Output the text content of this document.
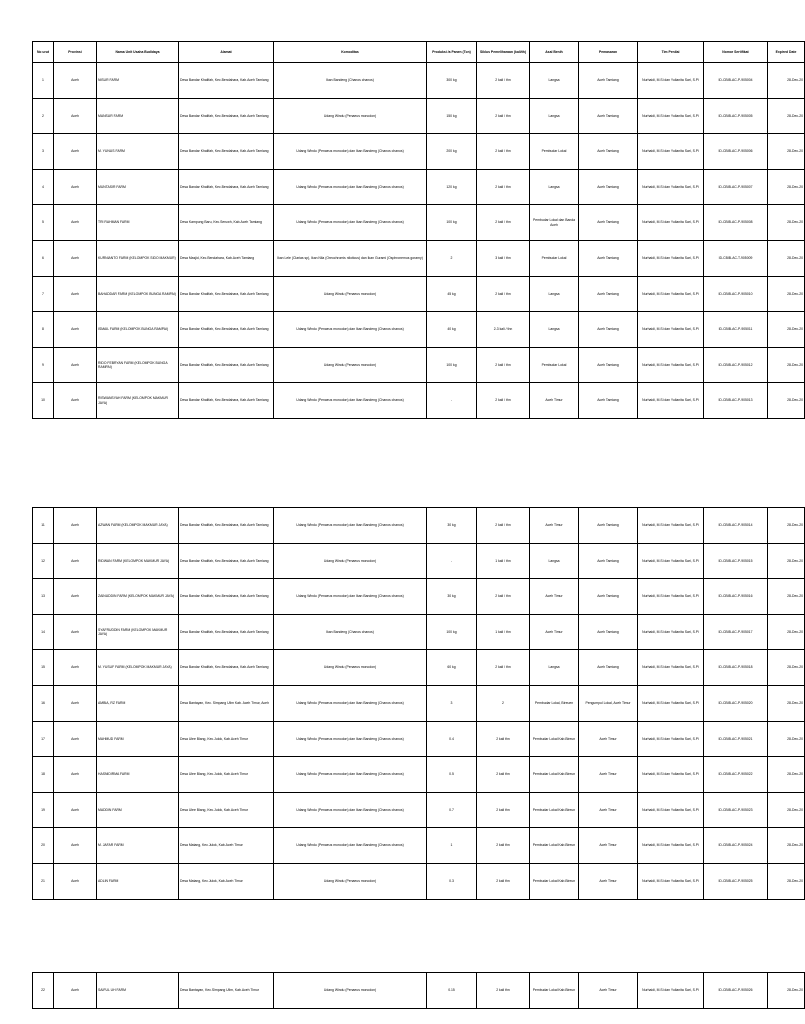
No urut	Provinsi	Nama Unit Usaha Budidaya	Alamat	Komoditas	Produksi /a Panen (Ton)	Siklus Pemeliharaan (kali/th)	Asal Benih	Pemasaran	Tim Penilai	Nomor Sertifikat	Expired Date
1	Aceh	NISUR FARM	Desa Bandar Khalifah, Kec.Bendahara, Kab.Aceh Tamiang	Ikan Bandeng (Chanos chanos)	300 kg	2 kali / thn	Langsa	Aceh Tamiang	Nurhaidi, M.Si dan Yulianita Sari, S.Pi	ID-CBIB-AC-P-905004	28-Dec-20
2	Aceh	MANSUR FARM	Desa Bandar Khalifah, Kec.Bendahara, Kab.Aceh Tamiang	Udang Windu (Penaeus monodon)	150 kg	2 kali / thn	Langsa	Aceh Tamiang	Nurhaidi, M.Si dan Yulianita Sari, S.Pi	ID-CBIB-AC-P-905005	28-Dec-20
3	Aceh	M. YUNUS FARM	Desa Bandar Khalifah, Kec.Bendahara, Kab.Aceh Tamiang	Udang Windu (Penaeus monodon) dan Ikan Bandeng (Chanos chanos)	200 kg	2 kali / thn	Pembudar Lokal	Aceh Tamiang	Nurhaidi, M.Si dan Yulianita Sari, S.Pi	ID-CBIB-AC-P-905006	28-Dec-20
4	Aceh	MUNTASIR FARM	Desa Bandar Khalifah, Kec.Bendahara, Kab.Aceh Tamiang	Udang Windu (Penaeus monodon) dan Ikan Bandeng (Chanos chanos)	120 kg	2 kali / thn	Langsa	Aceh Tamiang	Nurhaidi, M.Si dan Yulianita Sari, S.Pi	ID-CBIB-AC-P-905007	28-Dec-20
5	Aceh	TRI RAHMAN FARM	Desa Kampung Baru, Kec.Seruwh, Kab.Aceh Tamiang	Udang Windu (Penaeus monodon) dan Ikan Bandeng (Chanos chanos)	100 kg	2 kali / thn	Pembudar Lokal dan Banda Aceh	Aceh Tamiang	Nurhaidi, M.Si dan Yulianita Sari, S.Pi	ID-CBIB-AC-P-905008	28-Dec-20
6	Aceh	KURNIANTO FARM (KELOMPOK SIDO MAKMUR)	Desa Masjid, Kec.Bendahara, Kab.Aceh Tamiang	Ikan Lele (Clarias sp), Ikan Nila (Oreochromis niloticus) dan Ikan Gurami (Osphronemus goramy)	2	3 kali / thn	Pembudar Lokal	Aceh Tamiang	Nurhaidi, M.Si dan Yulianita Sari, S.Pi	ID-CBIB-AC-T-905009	28-Dec-20
7	Aceh	BAHADDAR FARM (KELOMPOK BUNGA RAMPAI)	Desa Bandar Khalifah, Kec.Bendahara, Kab.Aceh Tamiang	Udang Windu (Penaeus monodon)	45 kg	2 kali / thn	Langsa	Aceh Tamiang	Nurhaidi, M.Si dan Yulianita Sari, S.Pi	ID-CBIB-AC-P-905010	28-Dec-20
8	Aceh	ISMAIL FARM (KELOMPOK BUNGA RAMPAI)	Desa Bandar Khalifah, Kec.Bendahara, Kab.Aceh Tamiang	Udang Windu (Penaeus monodon) dan Ikan Bandeng (Chanos chanos)	40 kg	2-3 kali / thn	Langsa	Aceh Tamiang	Nurhaidi, M.Si dan Yulianita Sari, S.Pi	ID-CBIB-AC-P-905011	28-Dec-20
9	Aceh	RIDO FEBRYAN FARM (KELOMPOK BUNGA RAMPAI)	Desa Bandar Khalifah, Kec.Bendahara, Kab.Aceh Tamiang	Udang Windu (Penaeus monodon)	100 kg	2 kali / thn	Pembudar Lokal	Aceh Tamiang	Nurhaidi, M.Si dan Yulianita Sari, S.Pi	ID-CBIB-AC-P-905012	28-Dec-20
10	Aceh	RISWANSYAH FARM (KELOMPOK MAKMUR JAYA)	Desa Bandar Khalifah, Kec.Bendahara, Kab.Aceh Tamiang	Udang Windu (Penaeus monodon) dan Ikan Bandeng (Chanos chanos)	-	2 kali / thn	Aceh Timur	Aceh Tamiang	Nurhaidi, M.Si dan Yulianita Sari, S.Pi	ID-CBIB-AC-P-905013	28-Dec-20
11	Aceh	AZWAN FARM (KELOMPOK MAKMUR JAYA)	Desa Bandar Khalifah, Kec.Bendahara, Kab.Aceh Tamiang	Udang Windu (Penaeus monodon) dan Ikan Bandeng (Chanos chanos)	30 kg	2 kali / thn	Aceh Timur	Aceh Tamiang	Nurhaidi, M.Si dan Yulianita Sari, S.Pi	ID-CBIB-AC-P-905014	28-Dec-20
12	Aceh	RIDWAN FARM (KELOMPOK MAKMUR JAYA)	Desa Bandar Khalifah, Kec.Bendahara, Kab.Aceh Tamiang	Udang Windu (Penaeus monodon)	-	1 kali / thn	Langsa	Aceh Tamiang	Nurhaidi, M.Si dan Yulianita Sari, S.Pi	ID-CBIB-AC-P-905015	28-Dec-20
13	Aceh	ZAINUDDIN FARM (KELOMPOK MAKMUR JAYA)	Desa Bandar Khalifah, Kec.Bendahara, Kab.Aceh Tamiang	Udang Windu (Penaeus monodon) dan Ikan Bandeng (Chanos chanos)	30 kg	2 kali / thn	Aceh Timur	Aceh Tamiang	Nurhaidi, M.Si dan Yulianita Sari, S.Pi	ID-CBIB-AC-P-905016	28-Dec-20
14	Aceh	SYAFRUDDIN FARM (KELOMPOK MAKMUR JAYA)	Desa Bandar Khalifah, Kec.Bendahara, Kab.Aceh Tamiang	Ikan Bandeng (Chanos chanos)	100 kg	1 kali / thn	Aceh Timur	Aceh Tamiang	Nurhaidi, M.Si dan Yulianita Sari, S.Pi	ID-CBIB-AC-P-905017	28-Dec-20
15	Aceh	M. YUSUF FARM (KELOMPOK MAKMUR JAYA)	Desa Bandar Khalifah, Kec.Bendahara, Kab.Aceh Tamiang	Udang Windu (Penaeus monodon)	60 kg	2 kali / thn	Langsa	Aceh Tamiang	Nurhaidi, M.Si dan Yulianita Sari, S.Pi	ID-CBIB-AC-P-905018	28-Dec-20
16	Aceh	AMBIA, RZ FARM	Desa Bantayan, Kec. Simpang Ulim Kab. Aceh Timur, Aceh	Udang Windu (Penaeus monodon) dan Ikan Bandeng (Chanos chanos)	3	2	Pembudar Lokal, Bireuen	Pengumpul Lokal, Aceh Timur	Nurhaidi, M.Si dan Yulianita Sari, S.Pi	ID-CBIB-AC-P-905020	28-Dec-20
17	Aceh	MAHMUD FARM	Desa Ulee Blang, Kec.Julok, Kab.Aceh Timur	Udang Windu (Penaeus monodon) dan Ikan Bandeng (Chanos chanos)	0.4	2 kali thn	Pembudar Lokal Kab.Bireun	Aceh Timur	Nurhaidi, M.Si dan Yulianita Sari, S.Pi	ID-CBIB-AC-P-905021	28-Dec-20
18	Aceh	HASNIDIRMA FARM	Desa Ulee Blang, Kec.Julok, Kab.Aceh Timur	Udang Windu (Penaeus monodon) dan Ikan Bandeng (Chanos chanos)	0.5	2 kali thn	Pembudar Lokal Kab.Bireun	Aceh Timur	Nurhaidi, M.Si dan Yulianita Sari, S.Pi	ID-CBIB-AC-P-905022	28-Dec-20
19	Aceh	MADDIN FARM	Desa Ulee Blang, Kec.Julok, Kab.Aceh Timur	Udang Windu (Penaeus monodon) dan Ikan Bandeng (Chanos chanos)	0.7	2 kali thn	Pembudar Lokal Kab.Bireun	Aceh Timur	Nurhaidi, M.Si dan Yulianita Sari, S.Pi	ID-CBIB-AC-P-905023	28-Dec-20
20	Aceh	M. JAFAR FARM	Desa Matang, Kec.Julok, Kab.Aceh Timur	Udang Windu (Penaeus monodon) dan Ikan Bandeng (Chanos chanos)	1	2 kali thn	Pembudar Lokal Kab.Bireun	Aceh Timur	Nurhaidi, M.Si dan Yulianita Sari, S.Pi	ID-CBIB-AC-P-905024	28-Dec-20
21	Aceh	ADLIN FARM	Desa Matang, Kec.Julok, Kab.Aceh Timur	Udang Windu (Penaeus monodon)	0.3	2 kali thn	Pembudar Lokal Kab.Bireun	Aceh Timur	Nurhaidi, M.Si dan Yulianita Sari, S.Pi	ID-CBIB-AC-P-905025	28-Dec-20
22	Aceh	SAIFUL UH FARM	Desa Bantayan, Kec.Simpang Ulim, Kab.Aceh Timur	Udang Windu (Penaeus monodon)	0.15	2 kali thn	Pembudar Lokal Kab.Bireun	Aceh Timur	Nurhaidi, M.Si dan Yulianita Sari, S.Pi	ID-CBIB-AC-P-905026	28-Dec-20
